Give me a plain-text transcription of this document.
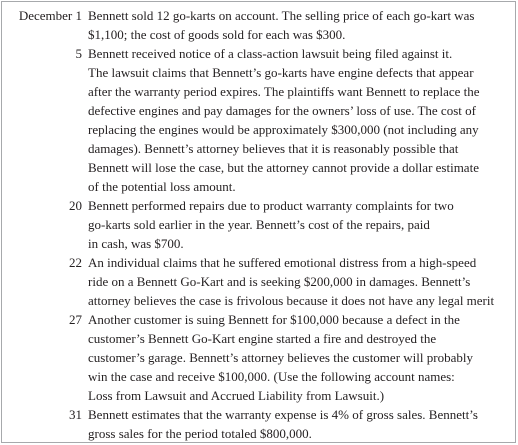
December 1 Bennett sold 12 go-karts on account. The selling price of each go-kart was
$1,100; the cost of goods sold for each was $300.
5 Bennett received notice of a class-action lawsuit being filed against it.
The lawsuit claims that Bennett’s go-karts have engine defects that appear
after the warranty period expires. The plaintiffs want Bennett to replace the
defective engines and pay damages for the owners’ loss of use. The cost of
replacing the engines would be approximately $300,000 (not including any
damages). Bennett’s attorney believes that it is reasonably possible that
Bennett will lose the case, but the attorney cannot provide a dollar estimate
of the potential loss amount.
20 Bennett performed repairs due to product warranty complaints for two
go-karts sold earlier in the year. Bennett’s cost of the repairs, paid
in cash, was $700.
22 An individual claims that he suffered emotional distress from a high-speed
ride on a Bennett Go-Kart and is seeking $200,000 in damages. Bennett’s
attorney believes the case is frivolous because it does not have any legal merit
27 Another customer is suing Bennett for $100,000 because a defect in the
customer’s Bennett Go-Kart engine started a fire and destroyed the
customer’s garage. Bennett’s attorney believes the customer will probably
win the case and receive $100,000. (Use the following account names:
Loss from Lawsuit and Accrued Liability from Lawsuit.)
31 Bennett estimates that the warranty expense is 4% of gross sales. Bennett’s
gross sales for the period totaled $800,000.
